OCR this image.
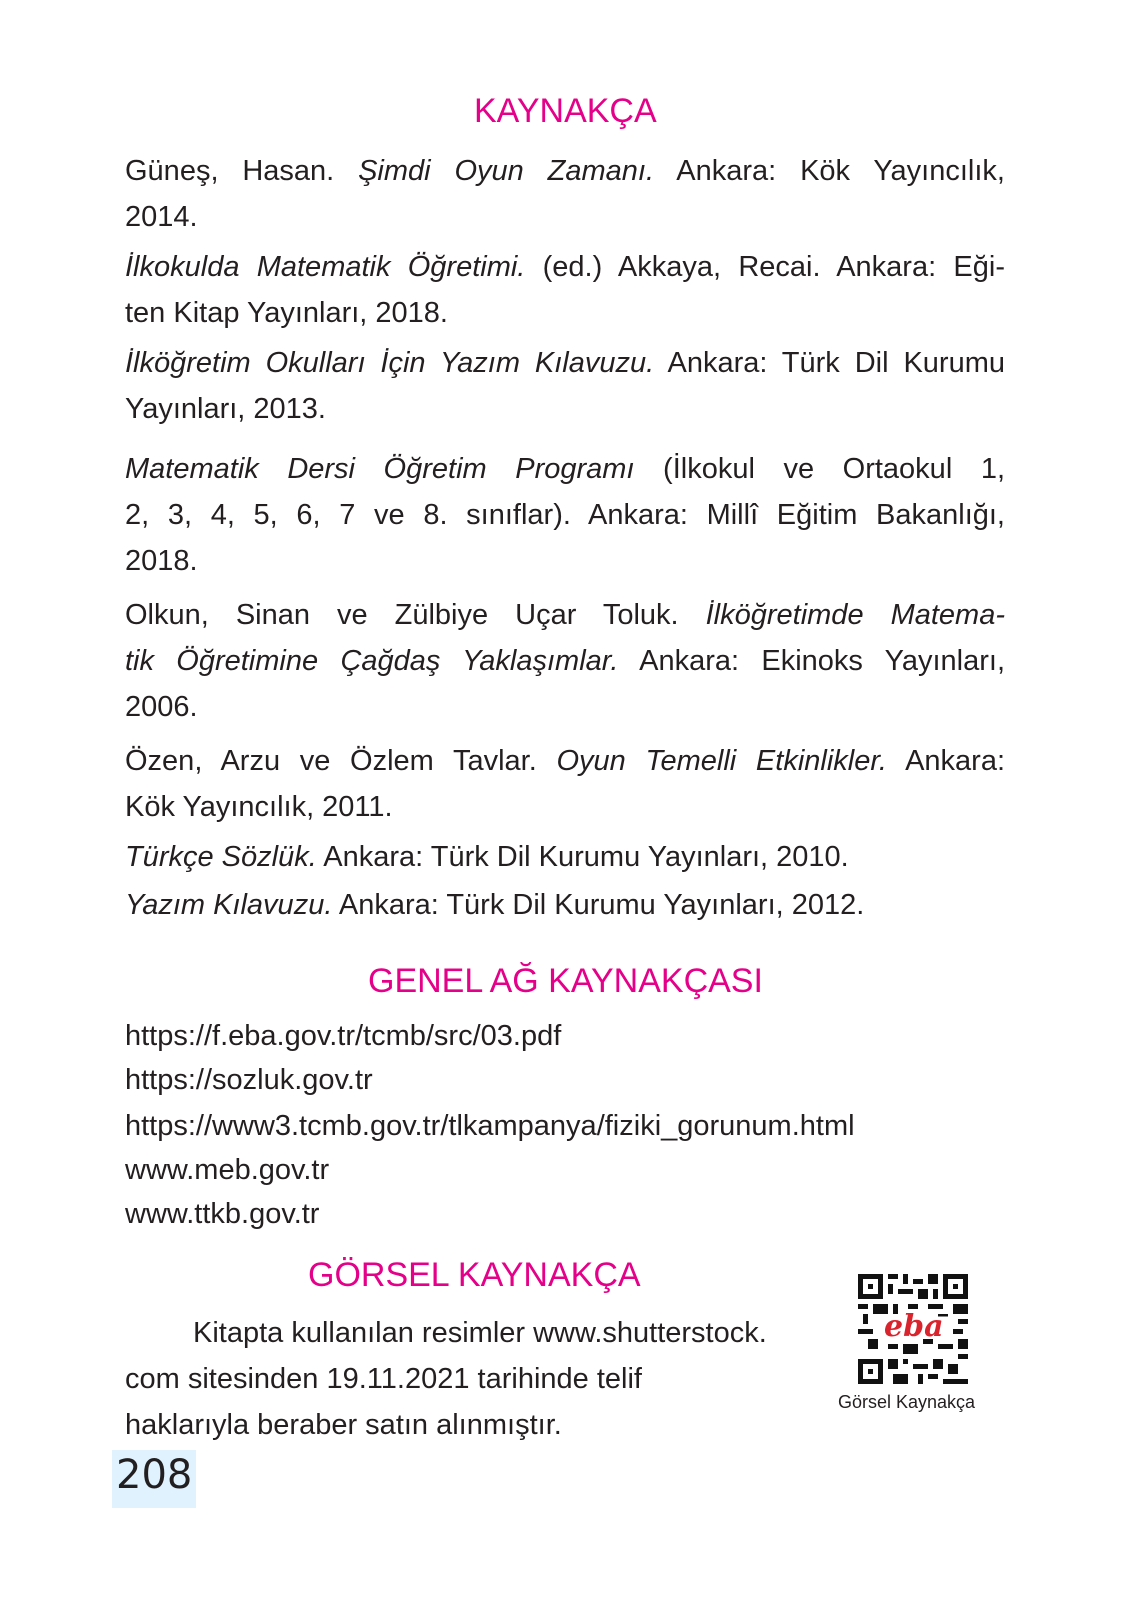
KAYNAKÇA
Güneş, Hasan. Şimdi Oyun Zamanı. Ankara: Kök Yayıncılık,
2014.
İlkokulda Matematik Öğretimi. (ed.) Akkaya, Recai. Ankara: Eği-
ten Kitap Yayınları, 2018.
İlköğretim Okulları İçin Yazım Kılavuzu. Ankara: Türk Dil Kurumu
Yayınları, 2013.
Matematik Dersi Öğretim Programı (İlkokul ve Ortaokul 1,
2, 3, 4, 5, 6, 7 ve 8. sınıflar). Ankara: Millî Eğitim Bakanlığı,
2018.
Olkun, Sinan ve Zülbiye Uçar Toluk. İlköğretimde Matema-
tik Öğretimine Çağdaş Yaklaşımlar. Ankara: Ekinoks Yayınları,
2006.
Özen, Arzu ve Özlem Tavlar. Oyun Temelli Etkinlikler. Ankara:
Kök Yayıncılık, 2011.
Türkçe Sözlük. Ankara: Türk Dil Kurumu Yayınları, 2010.
Yazım Kılavuzu. Ankara: Türk Dil Kurumu Yayınları, 2012.
GENEL AĞ KAYNAKÇASI
https://f.eba.gov.tr/tcmb/src/03.pdf
https://sozluk.gov.tr
https://www3.tcmb.gov.tr/tlkampanya/fiziki_gorunum.html
www.meb.gov.tr
www.ttkb.gov.tr
GÖRSEL KAYNAKÇA
Kitapta kullanılan resimler www.shutterstock.
com sitesinden 19.11.2021 tarihinde telif
haklarıyla beraber satın alınmıştır.
eba
Görsel Kaynakça
208
